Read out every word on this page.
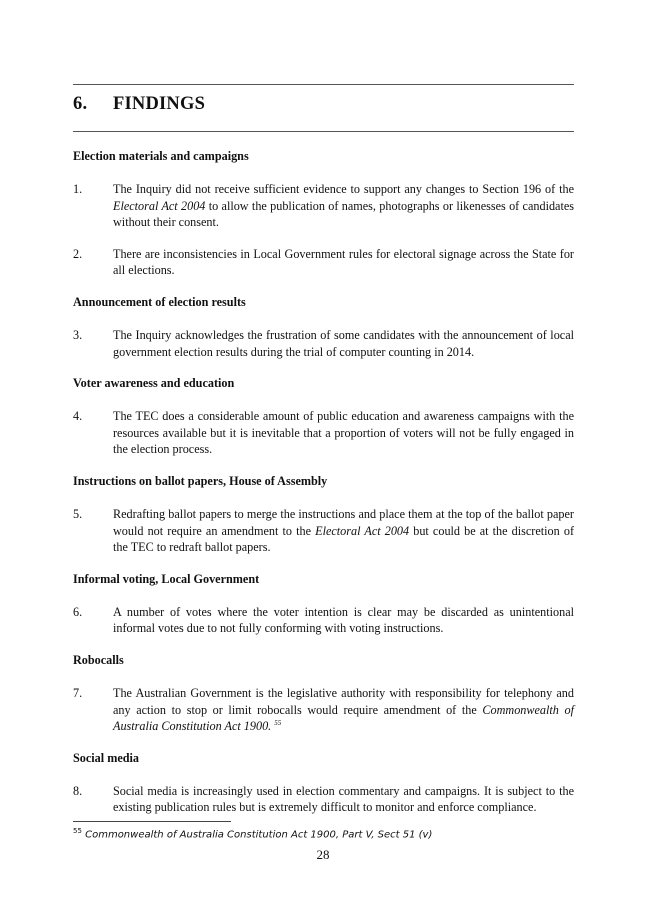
6. FINDINGS
Election materials and campaigns
1.	The Inquiry did not receive sufficient evidence to support any changes to Section 196 of the Electoral Act 2004 to allow the publication of names, photographs or likenesses of candidates without their consent.
2.	There are inconsistencies in Local Government rules for electoral signage across the State for all elections.
Announcement of election results
3.	The Inquiry acknowledges the frustration of some candidates with the announcement of local government election results during the trial of computer counting in 2014.
Voter awareness and education
4.	The TEC does a considerable amount of public education and awareness campaigns with the resources available but it is inevitable that a proportion of voters will not be fully engaged in the election process.
Instructions on ballot papers, House of Assembly
5.	Redrafting ballot papers to merge the instructions and place them at the top of the ballot paper would not require an amendment to the Electoral Act 2004 but could be at the discretion of the TEC to redraft ballot papers.
Informal voting, Local Government
6.	A number of votes where the voter intention is clear may be discarded as unintentional informal votes due to not fully conforming with voting instructions.
Robocalls
7.	The Australian Government is the legislative authority with responsibility for telephony and any action to stop or limit robocalls would require amendment of the Commonwealth of Australia Constitution Act 1900. $^{55}$
Social media
8.	Social media is increasingly used in election commentary and campaigns. It is subject to the existing publication rules but is extremely difficult to monitor and enforce compliance.
$^{55}$ Commonwealth of Australia Constitution Act 1900, Part V, Sect 51 (v)
28
